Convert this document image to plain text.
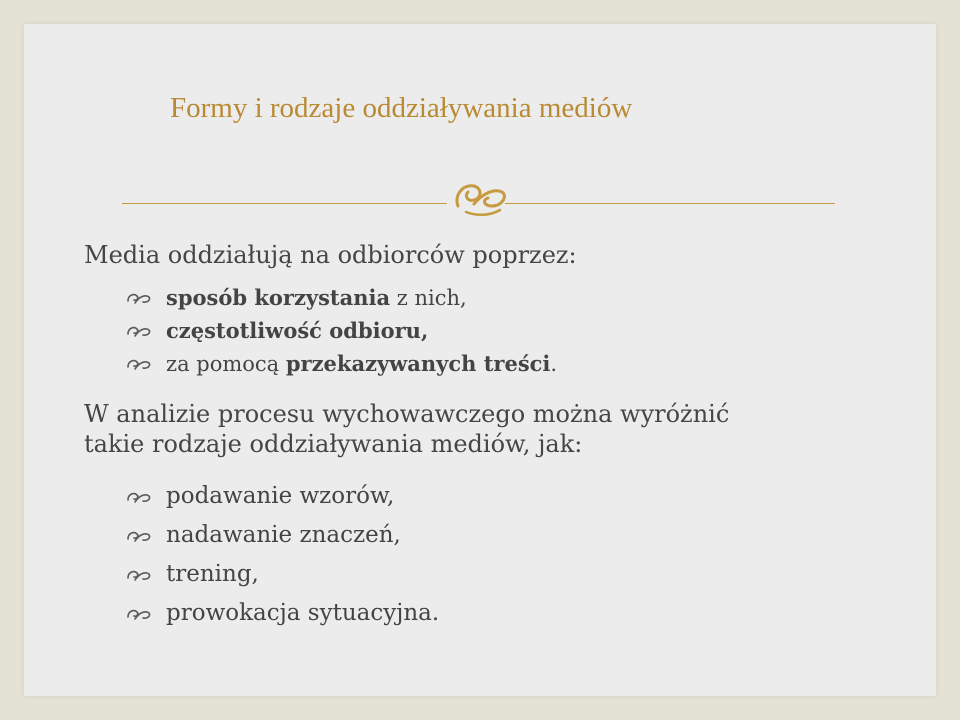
Formy i rodzaje oddziaływania mediów
Media oddziałują na odbiorców poprzez:
sposób korzystania z nich,
częstotliwość odbioru,
za pomocą przekazywanych treści.
W analizie procesu wychowawczego można wyróżnić
takie rodzaje oddziaływania mediów, jak:
podawanie wzorów,
nadawanie znaczeń,
trening,
prowokacja sytuacyjna.
